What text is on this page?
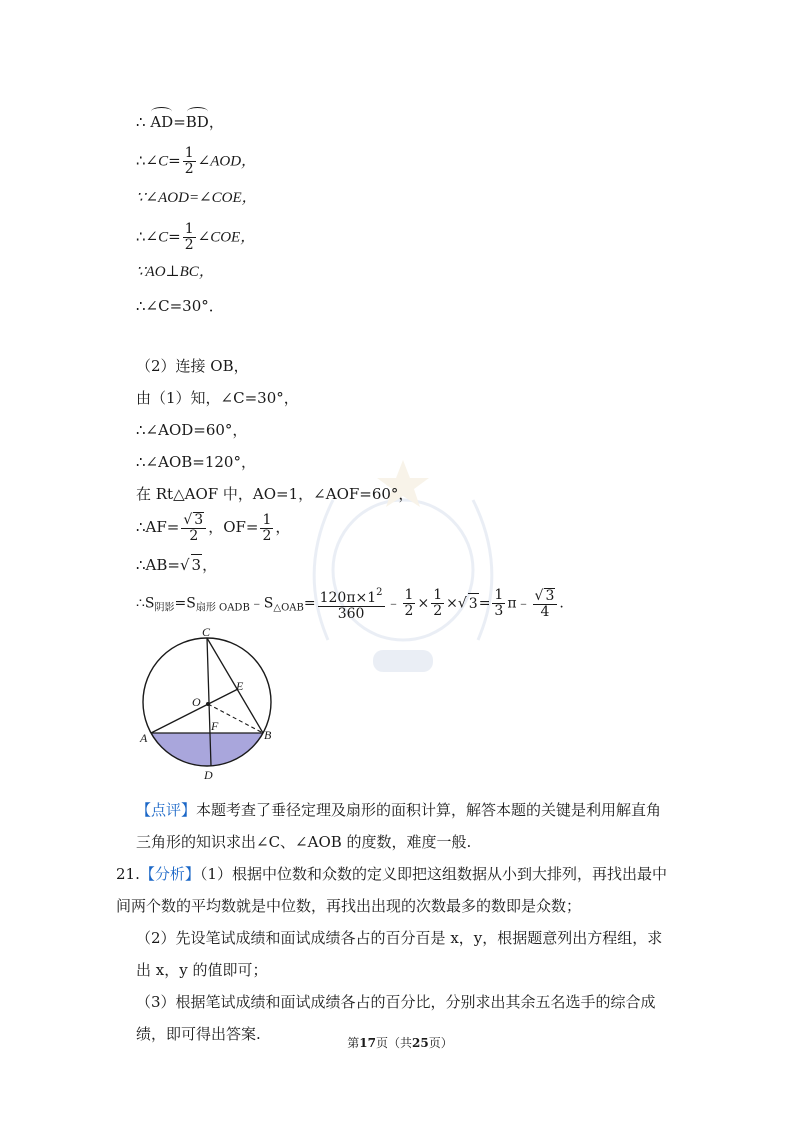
∴ AD=BD，
∴∠C= $\frac{1}{2}$ ∠AOD，
∵∠AOD=∠COE，
∴∠C= $\frac{1}{2}$ ∠COE，
∵AO⊥BC，
∴∠C=30°．
（2）连接 OB，
由（1）知，∠C=30°，
∴∠AOD=60°，
∴∠AOB=120°，
在 Rt△AOF 中，AO=1，∠AOF=60°，
∴AF= $\frac{√ 3}{2}$ ，$OF= \frac{1}{2}$ ，
∴AB=√ 3，
$\therefore S_{阴影}=S_{扇形 OADB}﹣S_{\triangle OAB}= \frac{120\pi\times 1^2}{360}$ ﹣ $\frac{1}{2} \times \frac{1}{2}$ ×√ $3= \frac{1}{3}$ π﹣ $\frac{√ 3}{4}$ .
C
O
E
F
A	B
D
【点评】本题考查了垂径定理及扇形的面积计算，解答本题的关键是利用解直角三角形的知识求出∠C、∠AOB 的度数，难度一般.
21.【分析】（1）根据中位数和众数的定义即把这组数据从小到大排列，再找出最中间两个数的平均数就是中位数，再找出出现的次数最多的数即是众数；
（2）先设笔试成绩和面试成绩各占的百分百是 x，y，根据题意列出方程组，求出 x，y 的值即可；
（3）根据笔试成绩和面试成绩各占的百分比，分别求出其余五名选手的综合成绩，即可得出答案.	第17页（共25页）
